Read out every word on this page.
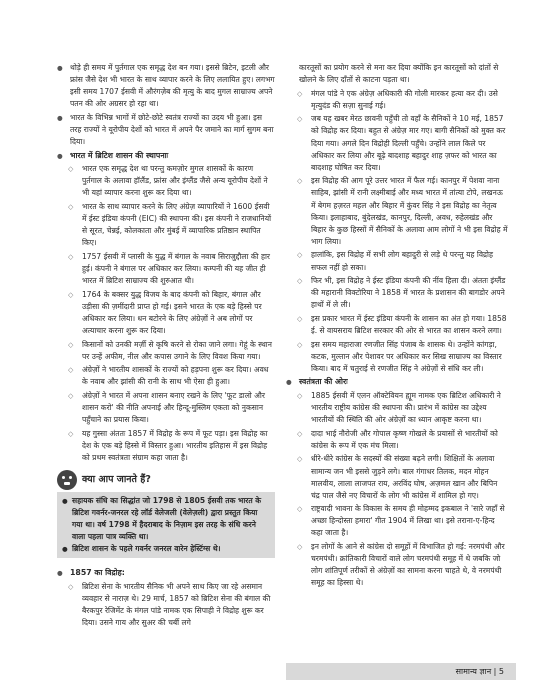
● थोड़े ही समय में पुर्तगाल एक समृद्ध देश बन गया। इससे ब्रिटेन, इटली और फ्रांस जैसे देश भी भारत के साथ व्यापार करने के लिए ललायित हुए। लगभग इसी समय 1707 ईसवी में औरंगज़ेब की मृत्यु के बाद मुगल साम्राज्य अपने पतन की ओर अग्रसर हो रहा था।
● भारत के विभिन्न भागों में छोटे-छोटे स्वतंत्र राज्यों का उदय भी हुआ। इस तरह राज्यों ने यूरोपीय देशों को भारत में अपने पैर जमाने का मार्ग सुगम बना दिया।
● भारत में ब्रिटिश शासन की स्थापनाः
◇ भारत एक समृद्ध देश था परन्तु कमज़ोर मुगल शासकों के कारण पुर्तगाल के अलावा हॉलैंड, फ्रांस और इंग्लैंड जैसे अन्य यूरोपीय देशों ने भी यहां व्यापार करना शुरू कर दिया था।
◇ भारत के साथ व्यापार करने के लिए अंग्रेज़ व्यापारियों ने 1600 ईसवी में ईस्ट इंडिया कंपनी (EIC) की स्थापना की। इस कंपनी ने राजधानियों से सूरत, चेन्नई, कोलकाता और मुंबई में व्यापारिक प्रतिष्ठान स्थापित किए।
◇ 1757 ईसवी में प्लासी के युद्ध में बंगाल के नवाब सिराजुद्दौला की हार हुई। कंपनी ने बंगाल पर अधिकार कर लिया। कम्पनी की यह जीत ही भारत में ब्रिटिश साम्राज्य की शुरुआत थी।
◇ 1764 के बक्सर युद्ध विजय के बाद कंपनी को बिहार, बंगाल और उड़ीसा की ज़मींदारी प्राप्त हो गई। इसने भारत के एक बड़े हिस्से पर अधिकार कर लिया। धन बटोरने के लिए अंग्रेज़ों ने अब लोगों पर अत्याचार करना शुरू कर दिया।
◇ किसानों को उनकी मर्ज़ी से कृषि करने से रोका जाने लगा। गेहूं के स्थान पर उन्हें अफीम, नील और कपास उगाने के लिए विवश किया गया।
◇ अंग्रेज़ों ने भारतीय शासकों के राज्यों को हड़पना शुरू कर दिया। अवध के नवाब और झांसी की रानी के साथ भी ऐसा ही हुआ।
◇ अंग्रेज़ों ने भारत में अपना शासन बनाए रखने के लिए 'फूट डालो और शासन करो' की नीति अपनाई और हिन्दू-मुस्लिम एकता को नुकसान पहुँचाने का प्रयास किया।
◇ यह गुस्सा अंततः 1857 में विद्रोह के रूप में फूट पड़ा। इस विद्रोह का देश के एक बड़े हिस्से में विस्तार हुआ। भारतीय इतिहास में इस विद्रोह को प्रथम स्वतंत्रता संग्राम कहा जाता है।
क्या आप जानते हैं?
● सहायक संधि का सिद्धांत जो 1798 से 1805 ईसवी तक भारत के ब्रिटिश गवर्नर-जनरल रहे लॉर्ड वेलेजली (वेलेज़ली) द्वारा प्रस्तुत किया गया था। वर्ष 1798 में हैदराबाद के निज़ाम इस तरह के संधि करने वाला पहला पात्र व्यक्ति था।
● ब्रिटिश शासन के पहले गवर्नर जनरल वारेन हेस्टिंग्स थे।
● 1857 का विद्रोह:
◇ ब्रिटिश सेना के भारतीय सैनिक भी अपने साथ किए जा रहे असमान व्यवहार से नाराज़ थे। 29 मार्च, 1857 को ब्रिटिश सेना की बंगाल की बैरकपुर रेजिमेंट के मंगल पांडे नामक एक सिपाही ने विद्रोह शुरू कर दिया। उसने गाय और सुअर की चर्बी लगे
कारतूसों का प्रयोग करने से मना कर दिया क्योंकि इन कारतूसों को दांतों से खोलने के लिए दाँतों से काटना पड़ता था।
◇ मंगल पांडे ने एक अंग्रेज़ अधिकारी की गोली मारकर हत्या कर दी। उसे मृत्युदंड की सज़ा सुनाई गई।
◇ जब यह खबर मेरठ छावनी पहुँची तो वहाँ के सैनिकों ने 10 मई, 1857 को विद्रोह कर दिया। बहुत से अंग्रेज़ मार गए। बागी सैनिकों को मुक्त कर दिया गया। अगले दिन विद्रोही दिल्ली पहुँचे। उन्होंने लाल किले पर अधिकार कर लिया और बूढ़े बादशाह बहादुर शाह ज़फर को भारत का बादशाह घोषित कर दिया।
◇ इस विद्रोह की आग पूरे उत्तर भारत में फैल गई। कानपुर में पेशवा नाना साहिब, झांसी में रानी लक्ष्मीबाई और मध्य भारत में तांत्या टोपे, लखनऊ में बेगम हज़रत महल और बिहार में कुंवर सिंह ने इस विद्रोह का नेतृत्व किया। इलाहाबाद, बुंदेलखंड, कानपुर, दिल्ली, अवध, रुहेलखंड और बिहार के कुछ हिस्सों में सैनिकों के अलावा आम लोगों ने भी इस विद्रोह में भाग लिया।
◇ हालांकि, इस विद्रोह में सभी लोग बहादुरी से लड़े थे परन्तु यह विद्रोह सफल नहीं हो सका।
◇ फिर भी, इस विद्रोह ने ईस्ट इंडिया कंपनी की नींव हिला दी। अंततः इंग्लैंड की महारानी विक्टोरिया ने 1858 में भारत के प्रशासन की बागडोर अपने हाथों में ले ली।
◇ इस प्रकार भारत में ईस्ट इंडिया कंपनी के शासन का अंत हो गया। 1858 ई. से वायसराय ब्रिटिश सरकार की ओर से भारत का शासन करने लगा।
◇ इस समय महाराजा रणजीत सिंह पंजाब के शासक थे। उन्होंने कांगड़ा, कटक, मुल्तान और पेशावर पर अधिकार कर सिख साम्राज्य का विस्तार किया। बाद में चतुराई से रणजीत सिंह ने अंग्रेज़ों से संधि कर ली।
● स्वतंत्रता की ओरः
◇ 1885 ईसवी में एलन ऑक्टेवियन ह्यूम नामक एक ब्रिटिश अधिकारी ने भारतीय राष्ट्रीय कांग्रेस की स्थापना की। प्रारंभ में कांग्रेस का उद्देश्य भारतीयों की स्थिति की ओर अंग्रेज़ों का ध्यान आकृष्ट करना था।
◇ दादा भाई नौरोजी और गोपाल कृष्ण गोखले के प्रयासों से भारतीयों को कांग्रेस के रूप में एक मंच मिला।
◇ धीरे-धीरे कांग्रेस के सदस्यों की संख्या बढ़ने लगी। शिक्षितों के अलावा सामान्य जन भी इससे जुड़ने लगे। बाल गंगाधर तिलक, मदन मोहन मालवीय, लाला लाजपत राय, अरविंद घोष, अज़मल खान और बिपिन चंद्र पाल जैसे नए विचारों के लोग भी कांग्रेस में शामिल हो गए।
◇ राष्ट्रवादी भावना के विकास के समय ही मोहम्मद इकबाल ने 'सारे जहाँ से अच्छा हिन्दोस्ता हमारा' गीत 1904 में लिखा था। इसे तराना-ए-हिन्द कहा जाता है।
◇ इन लोगों के आने से कांग्रेस दो समूहों में विभाजित हो गई: नरमपंथी और चरमपंथी। क्रांतिकारी विचारों वाले लोग चरमपंथी समूह में थे जबकि जो लोग शांतिपूर्ण तरीकों से अंग्रेज़ों का सामना करना चाहते थे, वे नरमपंथी समूह का हिस्सा थे।
सामान्य ज्ञान | 5
